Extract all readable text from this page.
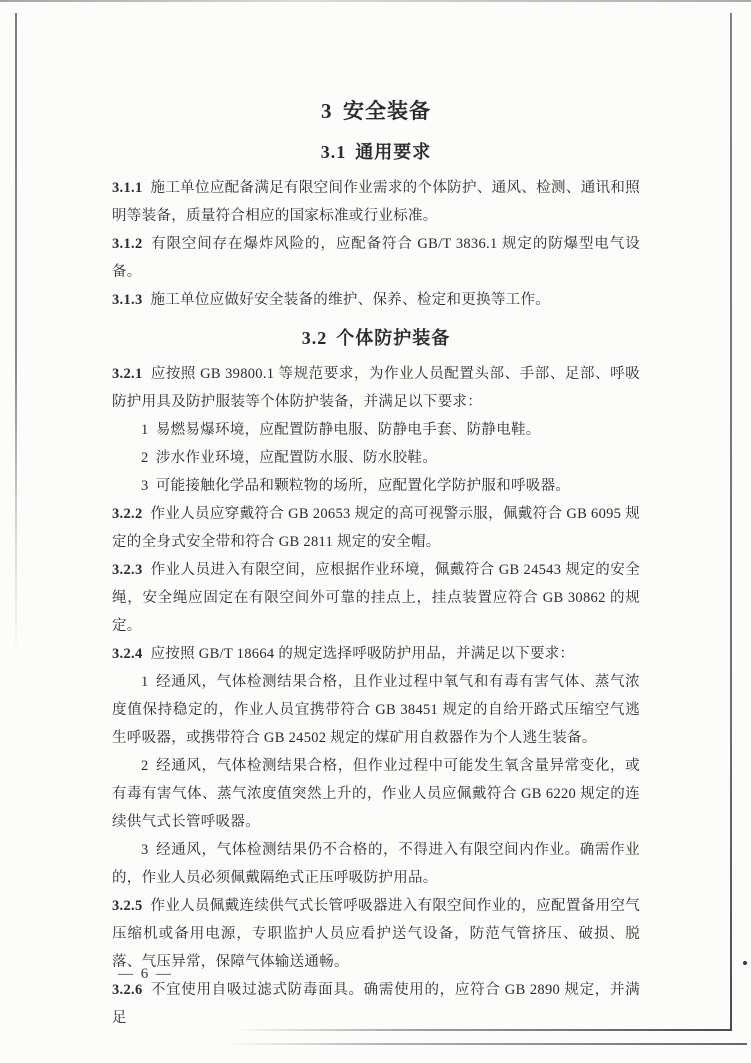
3 安全装备
3.1 通用要求

3.1.1 施工单位应配备满足有限空间作业需求的个体防护、通风、检测、通讯和照明等装备，质量符合相应的国家标准或行业标准。

3.1.2 有限空间存在爆炸风险的，应配备符合 GB/T 3836.1 规定的防爆型电气设备。

3.1.3 施工单位应做好安全装备的维护、保养、检定和更换等工作。

3.2 个体防护装备

3.2.1 应按照 GB 39800.1 等规范要求，为作业人员配置头部、手部、足部、呼吸防护用具及防护服装等个体防护装备，并满足以下要求：

1 易燃易爆环境，应配置防静电服、防静电手套、防静电鞋。

2 涉水作业环境，应配置防水服、防水胶鞋。

3 可能接触化学品和颗粒物的场所，应配置化学防护服和呼吸器。

3.2.2 作业人员应穿戴符合 GB 20653 规定的高可视警示服，佩戴符合 GB 6095 规定的全身式安全带和符合 GB 2811 规定的安全帽。

3.2.3 作业人员进入有限空间，应根据作业环境，佩戴符合 GB 24543 规定的安全绳，安全绳应固定在有限空间外可靠的挂点上，挂点装置应符合 GB 30862 的规定。

3.2.4 应按照 GB/T 18664 的规定选择呼吸防护用品，并满足以下要求：

1 经通风，气体检测结果合格，且作业过程中氧气和有毒有害气体、蒸气浓度值保持稳定的，作业人员宜携带符合 GB 38451 规定的自给开路式压缩空气逃生呼吸器，或携带符合 GB 24502 规定的煤矿用自救器作为个人逃生装备。

2 经通风，气体检测结果合格，但作业过程中可能发生氧含量异常变化，或有毒有害气体、蒸气浓度值突然上升的，作业人员应佩戴符合 GB 6220 规定的连续供气式长管呼吸器。

3 经通风，气体检测结果仍不合格的，不得进入有限空间内作业。确需作业的，作业人员必须佩戴隔绝式正压呼吸防护用品。

3.2.5 作业人员佩戴连续供气式长管呼吸器进入有限空间作业的，应配置备用空气压缩机或备用电源，专职监护人员应看护送气设备，防范气管挤压、破损、脱落、气压异常，保障气体输送通畅。

3.2.6 不宜使用自吸过滤式防毒面具。确需使用的，应符合 GB 2890 规定，并满足

— 6 —
